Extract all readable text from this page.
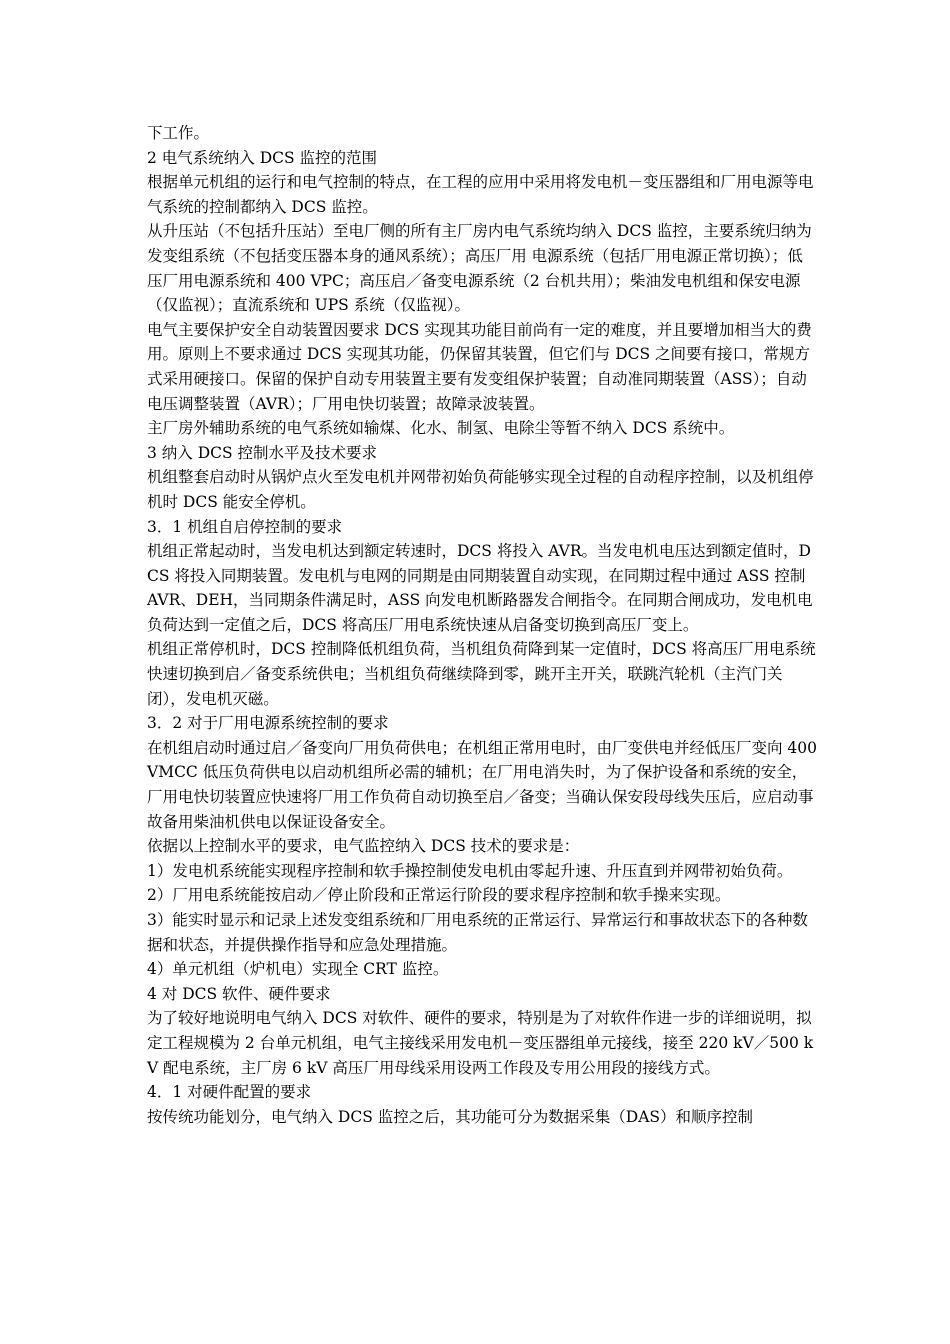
下工作。

2 电气系统纳入 DCS 监控的范围

根据单元机组的运行和电气控制的特点，在工程的应用中采用将发电机－变压器组和厂用电源等电气系统的控制都纳入 DCS 监控。

从升压站（不包括升压站）至电厂侧的所有主厂房内电气系统均纳入 DCS 监控，主要系统归纳为发变组系统（不包括变压器本身的通风系统）；高压厂用 电源系统（包括厂用电源正常切换）；低压厂用电源系统和 400 VPC；高压启／备变电源系统（2 台机共用）；柴油发电机组和保安电源（仅监视）；直流系统和 UPS 系统（仅监视）。

电气主要保护安全自动装置因要求 DCS 实现其功能目前尚有一定的难度，并且要增加相当大的费用。原则上不要求通过 DCS 实现其功能，仍保留其装置，但它们与 DCS 之间要有接口，常规方式采用硬接口。保留的保护自动专用装置主要有发变组保护装置；自动准同期装置（ASS）；自动电压调整装置（AVR）；厂用电快切装置；故障录波装置。

主厂房外辅助系统的电气系统如输煤、化水、制氢、电除尘等暂不纳入 DCS 系统中。

3 纳入 DCS 控制水平及技术要求

机组整套启动时从锅炉点火至发电机并网带初始负荷能够实现全过程的自动程序控制，以及机组停机时 DCS 能安全停机。

3．1 机组自启停控制的要求

机组正常起动时，当发电机达到额定转速时，DCS 将投入 AVR。当发电机电压达到额定值时，DCS 将投入同期装置。发电机与电网的同期是由同期装置自动实现，在同期过程中通过 ASS 控制 AVR、DEH，当同期条件满足时，ASS 向发电机断路器发合闸指令。在同期合闸成功，发电机电负荷达到一定值之后，DCS 将高压厂用电系统快速从启备变切换到高压厂变上。

机组正常停机时，DCS 控制降低机组负荷，当机组负荷降到某一定值时，DCS 将高压厂用电系统快速切换到启／备变系统供电；当机组负荷继续降到零，跳开主开关，联跳汽轮机（主汽门关闭），发电机灭磁。

3．2 对于厂用电源系统控制的要求

在机组启动时通过启／备变向厂用负荷供电；在机组正常用电时，由厂变供电并经低压厂变向 400VMCC 低压负荷供电以启动机组所必需的辅机；在厂用电消失时，为了保护设备和系统的安全，厂用电快切装置应快速将厂用工作负荷自动切换至启／备变；当确认保安段母线失压后，应启动事故备用柴油机供电以保证设备安全。

依据以上控制水平的要求，电气监控纳入 DCS 技术的要求是：

1）发电机系统能实现程序控制和软手操控制使发电机由零起升速、升压直到并网带初始负荷。

2）厂用电系统能按启动／停止阶段和正常运行阶段的要求程序控制和软手操来实现。

3）能实时显示和记录上述发变组系统和厂用电系统的正常运行、异常运行和事故状态下的各种数据和状态，并提供操作指导和应急处理措施。

4）单元机组（炉机电）实现全 CRT 监控。

4 对 DCS 软件、硬件要求

为了较好地说明电气纳入 DCS 对软件、硬件的要求，特别是为了对软件作进一步的详细说明，拟定工程规模为 2 台单元机组，电气主接线采用发电机－变压器组单元接线，接至 220 kV／500 kV 配电系统，主厂房 6 kV 高压厂用母线采用设两工作段及专用公用段的接线方式。

4．1 对硬件配置的要求

按传统功能划分，电气纳入 DCS 监控之后，其功能可分为数据采集（DAS）和顺序控制
